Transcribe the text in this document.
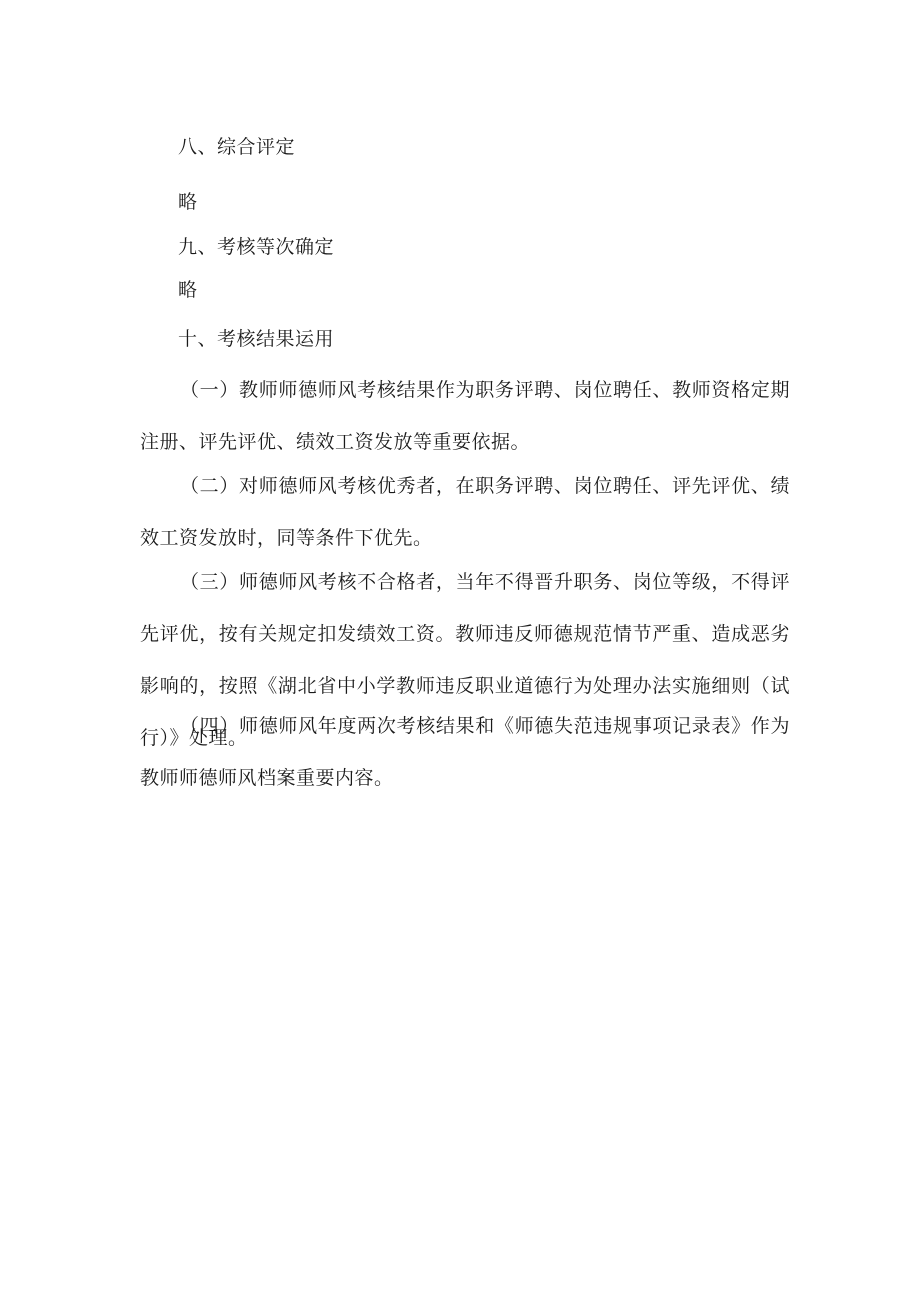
八、综合评定
略
九、考核等次确定
略
十、考核结果运用
（一）教师师德师风考核结果作为职务评聘、岗位聘任、教师资格定期注册、评先评优、绩效工资发放等重要依据。
（二）对师德师风考核优秀者，在职务评聘、岗位聘任、评先评优、绩效工资发放时，同等条件下优先。
（三）师德师风考核不合格者，当年不得晋升职务、岗位等级，不得评先评优，按有关规定扣发绩效工资。教师违反师德规范情节严重、造成恶劣影响的，按照《湖北省中小学教师违反职业道德行为处理办法实施细则（试行）》处理。
（四）师德师风年度两次考核结果和《师德失范违规事项记录表》作为教师师德师风档案重要内容。
